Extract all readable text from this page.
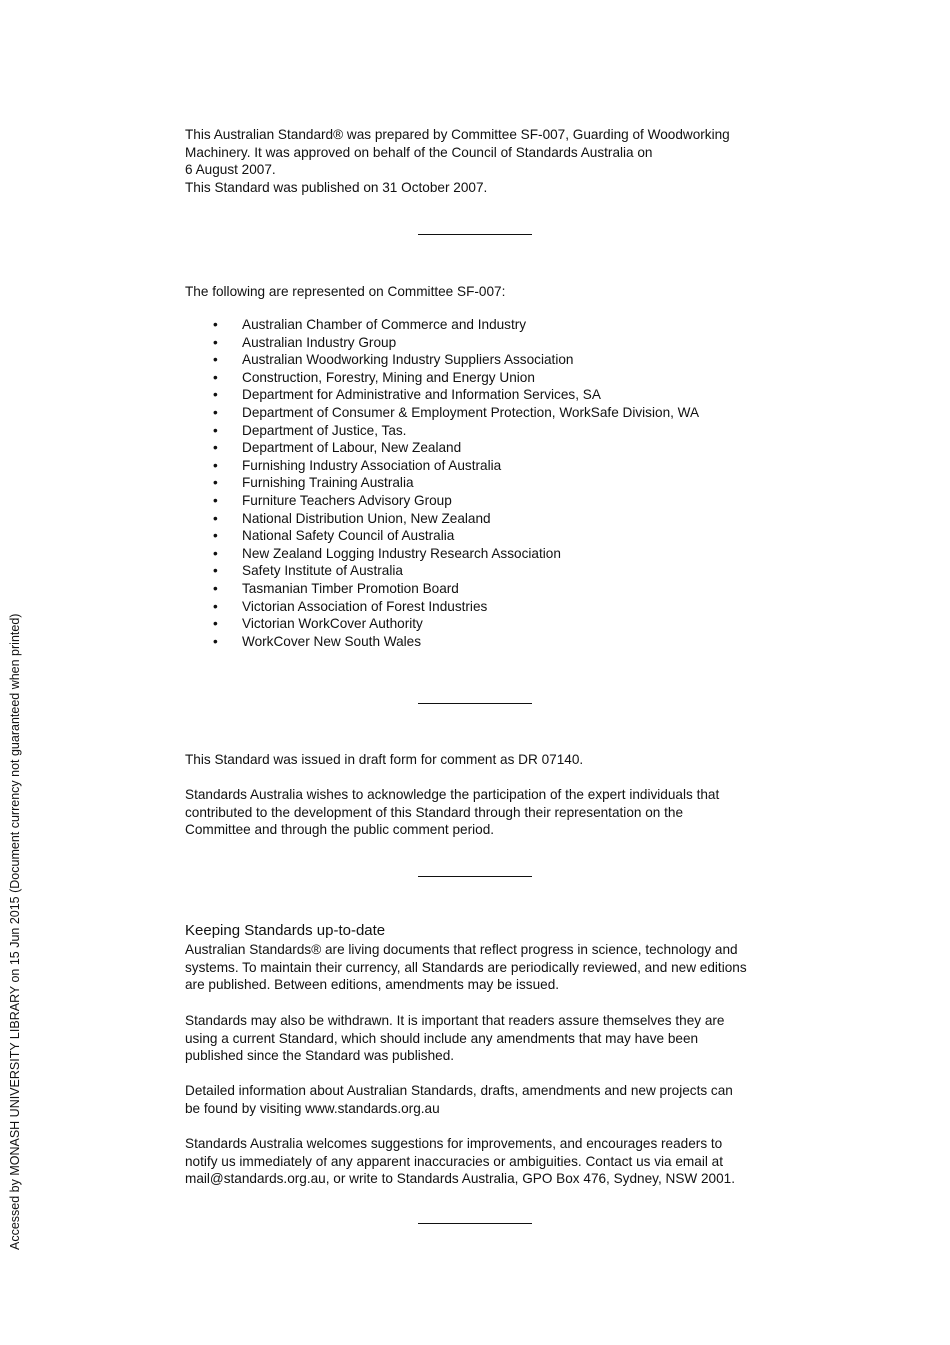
Accessed by MONASH UNIVERSITY LIBRARY on 15 Jun 2015 (Document currency not guaranteed when printed)
This Australian Standard® was prepared by Committee SF-007, Guarding of Woodworking
Machinery. It was approved on behalf of the Council of Standards Australia on
6 August 2007.
This Standard was published on 31 October 2007.
The following are represented on Committee SF-007:
• Australian Chamber of Commerce and Industry
• Australian Industry Group
• Australian Woodworking Industry Suppliers Association
• Construction, Forestry, Mining and Energy Union
• Department for Administrative and Information Services, SA
• Department of Consumer & Employment Protection, WorkSafe Division, WA
• Department of Justice, Tas.
• Department of Labour, New Zealand
• Furnishing Industry Association of Australia
• Furnishing Training Australia
• Furniture Teachers Advisory Group
• National Distribution Union, New Zealand
• National Safety Council of Australia
• New Zealand Logging Industry Research Association
• Safety Institute of Australia
• Tasmanian Timber Promotion Board
• Victorian Association of Forest Industries
• Victorian WorkCover Authority
• WorkCover New South Wales
This Standard was issued in draft form for comment as DR 07140.
Standards Australia wishes to acknowledge the participation of the expert individuals that
contributed to the development of this Standard through their representation on the
Committee and through the public comment period.
Keeping Standards up-to-date
Australian Standards® are living documents that reflect progress in science, technology and
systems. To maintain their currency, all Standards are periodically reviewed, and new editions
are published. Between editions, amendments may be issued.
Standards may also be withdrawn. It is important that readers assure themselves they are
using a current Standard, which should include any amendments that may have been
published since the Standard was published.
Detailed information about Australian Standards, drafts, amendments and new projects can
be found by visiting www.standards.org.au
Standards Australia welcomes suggestions for improvements, and encourages readers to
notify us immediately of any apparent inaccuracies or ambiguities. Contact us via email at
mail@standards.org.au, or write to Standards Australia, GPO Box 476, Sydney, NSW 2001.
